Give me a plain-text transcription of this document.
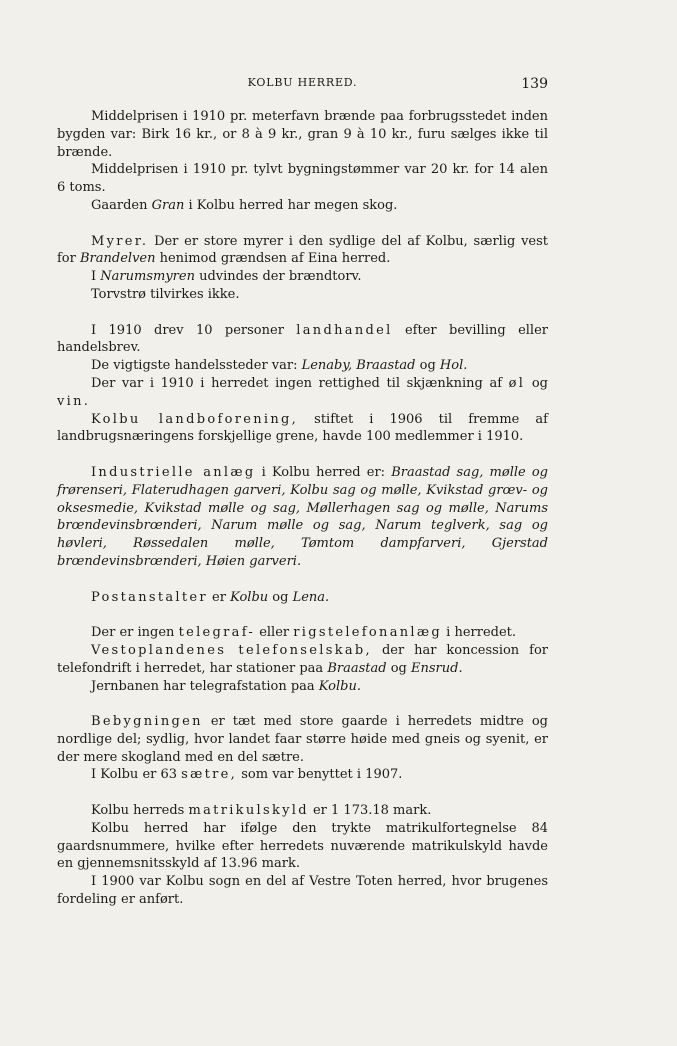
KOLBU HERRED.	139

Middelprisen i 1910 pr. meterfavn brænde paa forbrugsstedet inden bygden var: Birk 16 kr., or 8 à 9 kr., gran 9 à 10 kr., furu sælges ikke til brænde.

Middelprisen i 1910 pr. tylvt bygningstømmer var 20 kr. for 14 alen 6 toms.

Gaarden Gran i Kolbu herred har megen skog.

Myrer. Der er store myrer i den sydlige del af Kolbu, særlig vest for Brandelven henimod grændsen af Eina herred.

I Narumsmyren udvindes der brændtorv.

Torvstrø tilvirkes ikke.

I 1910 drev 10 personer landhandel efter bevilling eller handelsbrev.

De vigtigste handelssteder var: Lenaby, Braastad og Hol.

Der var i 1910 i herredet ingen rettighed til skjænkning af øl og vin.

Kolbu landboforening, stiftet i 1906 til fremme af landbrugsnæringens forskjellige grene, havde 100 medlemmer i 1910.

Industrielle anlæg i Kolbu herred er: Braastad sag, mølle og frørenseri, Flaterudhagen garveri, Kolbu sag og mølle, Kvikstad grœv- og oksesmedie, Kvikstad mølle og sag, Møllerhagen sag og mølle, Narums brœndevinsbrœnderi, Narum mølle og sag, Narum teglverk, sag og høvleri, Røssedalen mølle, Tømtom dampfarveri, Gjerstad brœndevinsbrœnderi, Høien garveri.

Postanstalter er Kolbu og Lena.

Der er ingen telegraf- eller rigstelefonanlæg i herredet.

Vestoplandenes telefonselskab, der har koncession for telefondrift i herredet, har stationer paa Braastad og Ensrud.

Jernbanen har telegrafstation paa Kolbu.

Bebygningen er tæt med store gaarde i herredets midtre og nordlige del; sydlig, hvor landet faar større høide med gneis og syenit, er der mere skogland med en del sætre.

I Kolbu er 63 sætre, som var benyttet i 1907.

Kolbu herreds matrikulskyld er 1 173.18 mark.

Kolbu herred har ifølge den trykte matrikulfortegnelse 84 gaardsnummere, hvilke efter herredets nuværende matrikulskyld havde en gjennemsnitsskyld af 13.96 mark.

I 1900 var Kolbu sogn en del af Vestre Toten herred, hvor brugenes fordeling er anført.
